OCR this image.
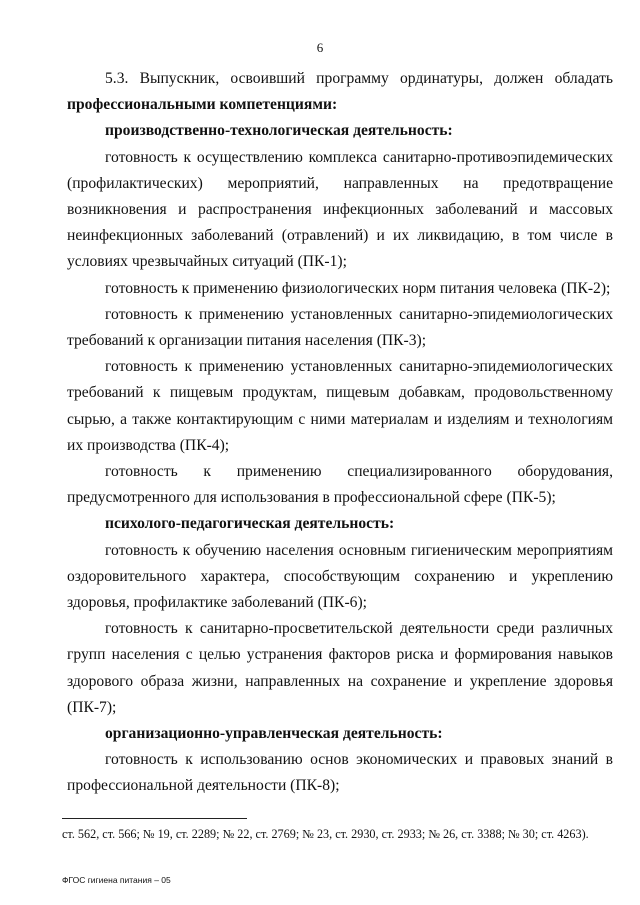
6

5.3. Выпускник, освоивший программу ординатуры, должен обладать

профессиональными компетенциями:

производственно-технологическая деятельность:

готовность к осуществлению комплекса санитарно-противоэпидемических (профилактических) мероприятий, направленных на предотвращение возникновения и распространения инфекционных заболеваний и массовых неинфекционных заболеваний (отравлений) и их ликвидацию, в том числе в условиях чрезвычайных ситуаций (ПК-1);

готовность к применению физиологических норм питания человека (ПК-2);

готовность к применению установленных санитарно-эпидемиологических требований к организации питания населения (ПК-3);

готовность к применению установленных санитарно-эпидемиологических требований к пищевым продуктам, пищевым добавкам, продовольственному сырью, а также контактирующим с ними материалам и изделиям и технологиям их производства (ПК-4);

готовность к применению специализированного оборудования,

предусмотренного для использования в профессиональной сфере (ПК-5);

психолого-педагогическая деятельность:

готовность к обучению населения основным гигиеническим мероприятиям оздоровительного характера, способствующим сохранению и укреплению здоровья, профилактике заболеваний (ПК-6);

готовность к санитарно-просветительской деятельности среди различных групп населения с целью устранения факторов риска и формирования навыков здорового образа жизни, направленных на сохранение и укрепление здоровья (ПК-7);

организационно-управленческая деятельность:

готовность к использованию основ экономических и правовых знаний в профессиональной деятельности (ПК-8);

ст. 562, ст. 566; № 19, ст. 2289; № 22, ст. 2769; № 23, ст. 2930, ст. 2933; № 26, ст. 3388; № 30; ст. 4263).
ФГОС гигиена питания – 05
